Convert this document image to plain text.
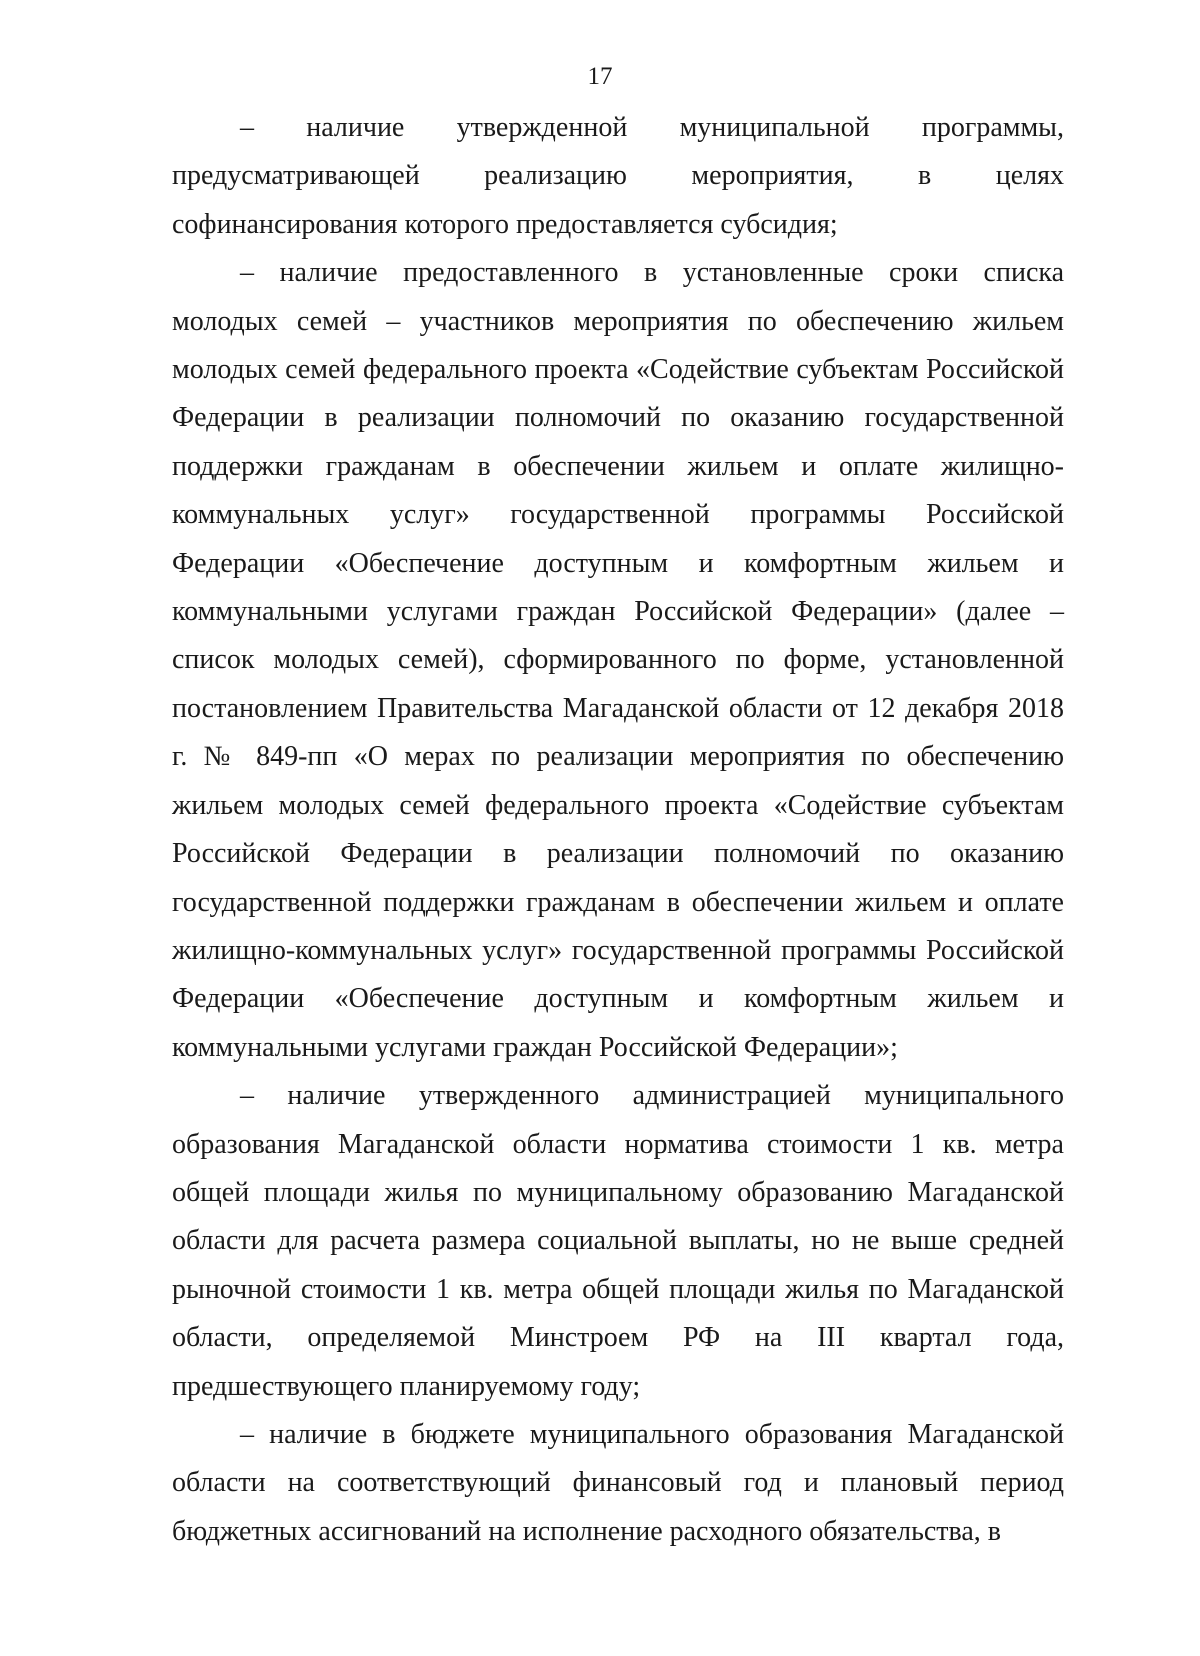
17

– наличие утвержденной муниципальной программы, предусматривающей реализацию мероприятия, в целях софинансирования которого предоставляется субсидия;

– наличие предоставленного в установленные сроки списка молодых семей – участников мероприятия по обеспечению жильем молодых семей федерального проекта «Содействие субъектам Российской Федерации в реализации полномочий по оказанию государственной поддержки гражданам в обеспечении жильем и оплате жилищно-коммунальных услуг» государственной программы Российской Федерации «Обеспечение доступным и комфортным жильем и коммунальными услугами граждан Российской Федерации» (далее – список молодых семей), сформированного по форме, установленной постановлением Правительства Магаданской области от 12 декабря 2018 г. № 849-пп «О мерах по реализации мероприятия по обеспечению жильем молодых семей федерального проекта «Содействие субъектам Российской Федерации в реализации полномочий по оказанию государственной поддержки гражданам в обеспечении жильем и оплате жилищно-коммунальных услуг» государственной программы Российской Федерации «Обеспечение доступным и комфортным жильем и коммунальными услугами граждан Российской Федерации»;

– наличие утвержденного администрацией муниципального образования Магаданской области норматива стоимости 1 кв. метра общей площади жилья по муниципальному образованию Магаданской области для расчета размера социальной выплаты, но не выше средней рыночной стоимости 1 кв. метра общей площади жилья по Магаданской области, определяемой Минстроем РФ на III квартал года, предшествующего планируемому году;

– наличие в бюджете муниципального образования Магаданской области на соответствующий финансовый год и плановый период бюджетных ассигнований на исполнение расходного обязательства, в
